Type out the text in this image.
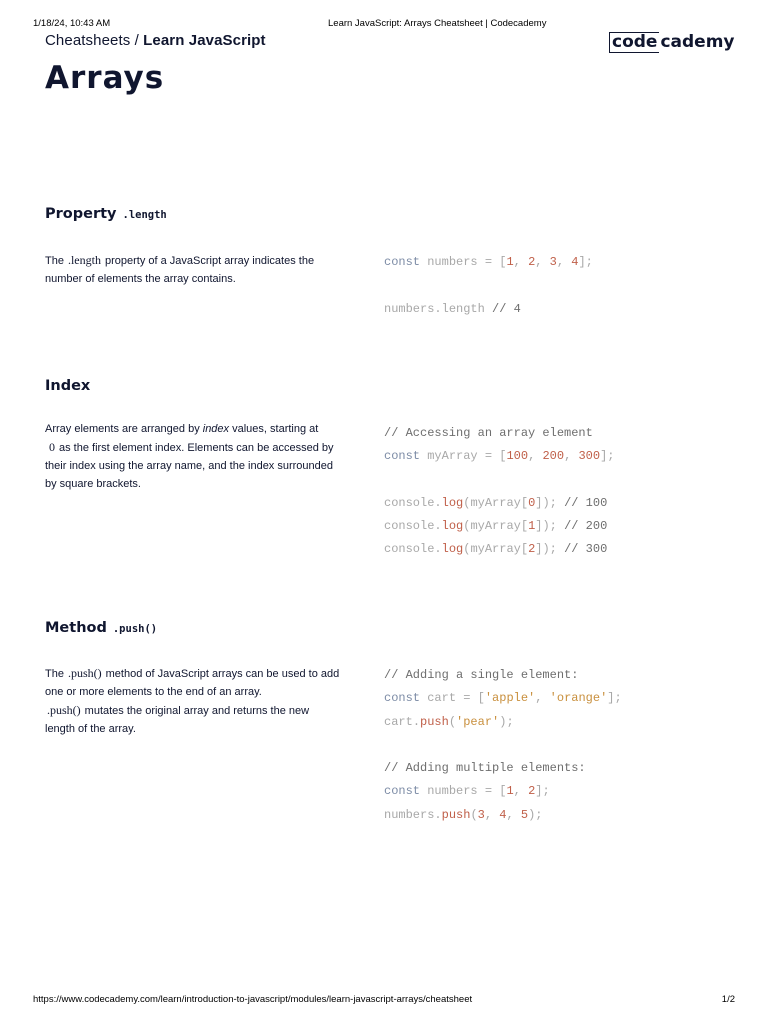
1/18/24, 10:43 AM	Learn JavaScript: Arrays Cheatsheet | Codecademy
Cheatsheets / Learn JavaScript	code cademy
Arrays
Property .length

The .length property of a JavaScript array indicates the number of elements the array contains.

const numbers = [1, 2, 3, 4];
numbers.length // 4
Index

Array elements are arranged by index values, starting at 0 as the first element index. Elements can be accessed by their index using the array name, and the index surrounded by square brackets.

// Accessing an array element
const myArray = [100, 200, 300];
console.log(myArray[0]); // 100
console.log(myArray[1]); // 200
console.log(myArray[2]); // 300
Method .push()

The .push() method of JavaScript arrays can be used to add one or more elements to the end of an array.
.push() mutates the original array and returns the new length of the array.

// Adding a single element:
const cart = ['apple', 'orange'];
cart.push('pear');
// Adding multiple elements:
const numbers = [1, 2];
numbers.push(3, 4, 5);
https://www.codecademy.com/learn/introduction-to-javascript/modules/learn-javascript-arrays/cheatsheet	1/2
